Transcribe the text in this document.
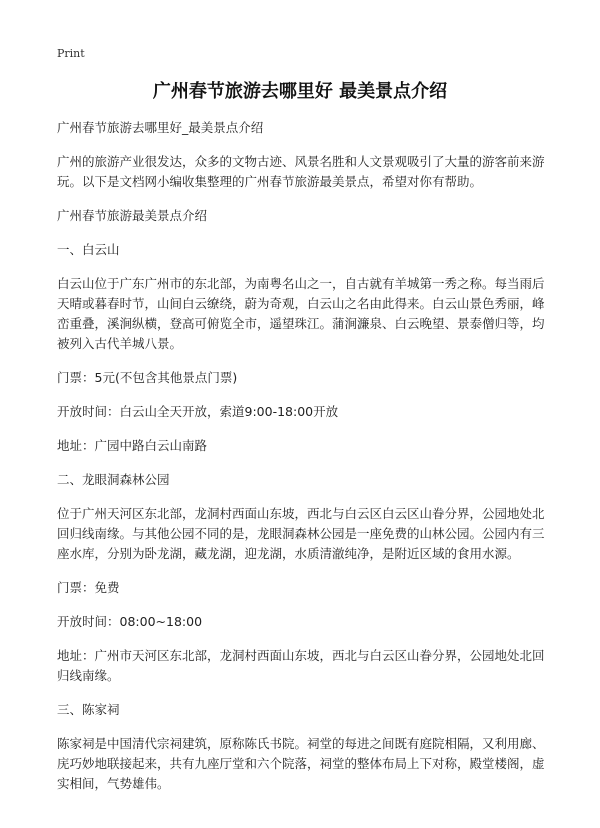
Print
广州春节旅游去哪里好 最美景点介绍

广州春节旅游去哪里好_最美景点介绍

广州的旅游产业很发达，众多的文物古迹、风景名胜和人文景观吸引了大量的游客前来游玩。以下是文档网小编收集整理的广州春节旅游最美景点，希望对你有帮助。

广州春节旅游最美景点介绍

一、白云山

白云山位于广东广州市的东北部，为南粤名山之一，自古就有羊城第一秀之称。每当雨后天晴或暮春时节，山间白云缭绕，蔚为奇观，白云山之名由此得来。白云山景色秀丽，峰峦重叠，溪涧纵横，登高可俯览全市，遥望珠江。蒲涧濂泉、白云晚望、景泰僧归等，均被列入古代羊城八景。

门票：5元(不包含其他景点门票)

开放时间：白云山全天开放，索道9:00-18:00开放

地址：广园中路白云山南路

二、龙眼洞森林公园

位于广州天河区东北部，龙洞村西面山东坡，西北与白云区白云区山眷分界，公园地处北回归线南缘。与其他公园不同的是，龙眼洞森林公园是一座免费的山林公园。公园内有三座水库，分别为卧龙湖，藏龙湖，迎龙湖，水质清澈纯净，是附近区域的食用水源。

门票：免费

开放时间：08:00~18:00

地址：广州市天河区东北部，龙洞村西面山东坡，西北与白云区山眷分界，公园地处北回归线南缘。

三、陈家祠

陈家祠是中国清代宗祠建筑，原称陈氏书院。祠堂的每进之间既有庭院相隔，又利用廊、庑巧妙地联接起来，共有九座厅堂和六个院落，祠堂的整体布局上下对称，殿堂楼阁，虚实相间，气势雄伟。
